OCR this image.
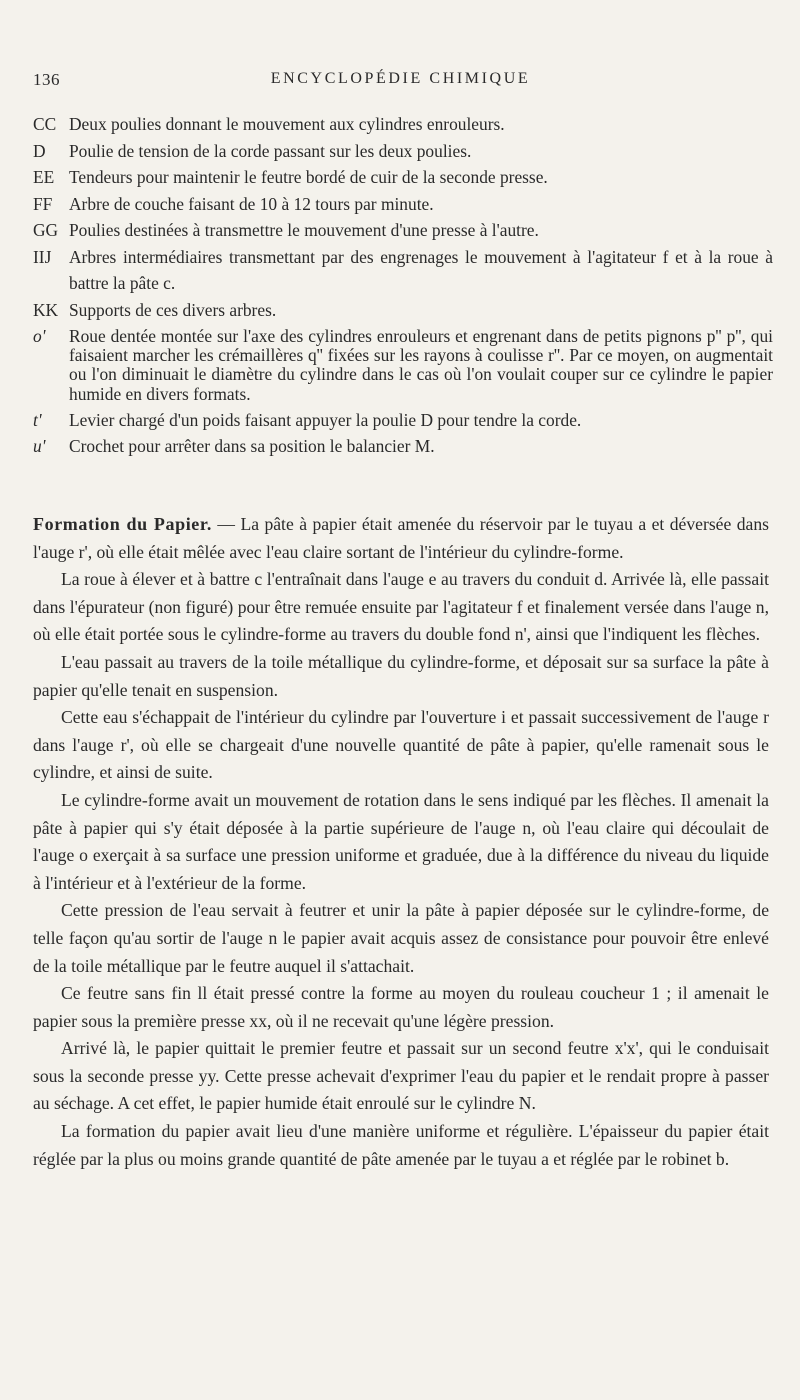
136	ENCYCLOPÉDIE CHIMIQUE
CC Deux poulies donnant le mouvement aux cylindres enrouleurs.
D	Poulie de tension de la corde passant sur les deux poulies.
EE Tendeurs pour maintenir le feutre bordé de cuir de la seconde presse.
FF Arbre de couche faisant de 10 à 12 tours par minute.
GG Poulies destinées à transmettre le mouvement d'une presse à l'autre.
IIJ	Arbres intermédiaires transmettant par des engrenages le mouvement à l'agitateur f et à la roue à battre la pâte c.
KK Supports de ces divers arbres.
o'	Roue dentée montée sur l'axe des cylindres enrouleurs et engrenant dans de petits pignons p'' p'', qui faisaient marcher les crémaillères q'' fixées sur les rayons à coulisse r''. Par ce moyen, on augmentait ou l'on diminuait le diamètre du cylindre dans le cas où l'on voulait couper sur ce cylindre le papier humide en divers formats.
t'	Levier chargé d'un poids faisant appuyer la poulie D pour tendre la corde.
u'	Crochet pour arrêter dans sa position le balancier M.

Formation du Papier. — La pâte à papier était amenée du réservoir par le tuyau a et déversée dans l'auge r', où elle était mêlée avec l'eau claire sortant de l'intérieur du cylindre-forme.

La roue à élever et à battre c l'entraînait dans l'auge e au travers du conduit d. Arrivée là, elle passait dans l'épurateur (non figuré) pour être remuée ensuite par l'agitateur f et finalement versée dans l'auge n, où elle était portée sous le cylindre-forme au travers du double fond n', ainsi que l'indiquent les flèches.

L'eau passait au travers de la toile métallique du cylindre-forme, et déposait sur sa surface la pâte à papier qu'elle tenait en suspension.

Cette eau s'échappait de l'intérieur du cylindre par l'ouverture i et passait successivement de l'auge r dans l'auge r', où elle se chargeait d'une nouvelle quantité de pâte à papier, qu'elle ramenait sous le cylindre, et ainsi de suite.

Le cylindre-forme avait un mouvement de rotation dans le sens indiqué par les flèches. Il amenait la pâte à papier qui s'y était déposée à la partie supérieure de l'auge n, où l'eau claire qui découlait de l'auge o exerçait à sa surface une pression uniforme et graduée, due à la différence du niveau du liquide à l'intérieur et à l'extérieur de la forme.

Cette pression de l'eau servait à feutrer et unir la pâte à papier déposée sur le cylindre-forme, de telle façon qu'au sortir de l'auge n le papier avait acquis assez de consistance pour pouvoir être enlevé de la toile métallique par le feutre auquel il s'attachait.

Ce feutre sans fin ll était pressé contre la forme au moyen du rouleau coucheur 1 ; il amenait le papier sous la première presse xx, où il ne recevait qu'une légère pression.

Arrivé là, le papier quittait le premier feutre et passait sur un second feutre x'x', qui le conduisait sous la seconde presse yy. Cette presse achevait d'exprimer l'eau du papier et le rendait propre à passer au séchage. A cet effet, le papier humide était enroulé sur le cylindre N.

La formation du papier avait lieu d'une manière uniforme et régulière. L'épaisseur du papier était réglée par la plus ou moins grande quantité de pâte amenée par le tuyau a et réglée par le robinet b.
